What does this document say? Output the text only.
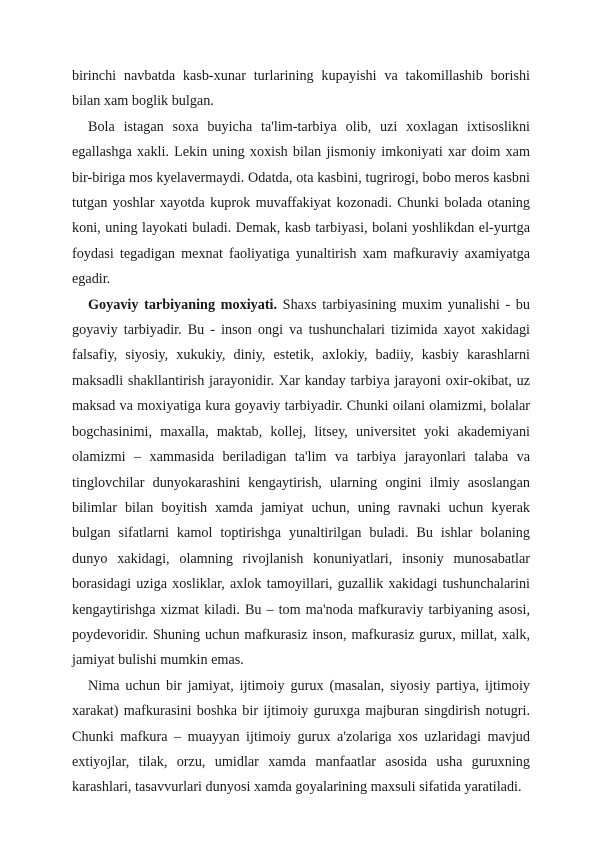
birinchi navbatda kasb-xunar turlarining kupayishi va takomillashib borishi bilan xam boglik bulgan.

Bola istagan soxa buyicha ta'lim-tarbiya olib, uzi xoxlagan ixtisoslikni egallashga xakli. Lekin uning xoxish bilan jismoniy imkoniyati xar doim xam bir-biriga mos kyelavermaydi. Odatda, ota kasbini, tugrirogi, bobo meros kasbni tutgan yoshlar xayotda kuprok muvaffakiyat kozonadi. Chunki bolada otaning koni, uning layokati buladi. Demak, kasb tarbiyasi, bolani yoshlikdan el-yurtga foydasi tegadigan mexnat faoliyatiga yunaltirish xam mafkuraviy axamiyatga egadir.

Goyaviy tarbiyaning moxiyati. Shaxs tarbiyasining muxim yunalishi - bu goyaviy tarbiyadir. Bu - inson ongi va tushunchalari tizimida xayot xakidagi falsafiy, siyosiy, xukukiy, diniy, estetik, axlokiy, badiiy, kasbiy karashlarni maksadli shakllantirish jarayonidir. Xar kanday tarbiya jarayoni oxir-okibat, uz maksad va moxiyatiga kura goyaviy tarbiyadir. Chunki oilani olamizmi, bolalar bogchasinimi, maxalla, maktab, kollej, litsey, universitet yoki akademiyani olamizmi – xammasida beriladigan ta'lim va tarbiya jarayonlari talaba va tinglovchilar dunyokarashini kengaytirish, ularning ongini ilmiy asoslangan bilimlar bilan boyitish xamda jamiyat uchun, uning ravnaki uchun kyerak bulgan sifatlarni kamol toptirishga yunaltirilgan buladi. Bu ishlar bolaning dunyo xakidagi, olamning rivojlanish konuniyatlari, insoniy munosabatlar borasidagi uziga xosliklar, axlok tamoyillari, guzallik xakidagi tushunchalarini kengaytirishga xizmat kiladi. Bu – tom ma'noda mafkuraviy tarbiyaning asosi, poydevoridir. Shuning uchun mafkurasiz inson, mafkurasiz gurux, millat, xalk, jamiyat bulishi mumkin emas.

Nima uchun bir jamiyat, ijtimoiy gurux (masalan, siyosiy partiya, ijtimoiy xarakat) mafkurasini boshka bir ijtimoiy guruxga majburan singdirish notugri. Chunki mafkura – muayyan ijtimoiy gurux a'zolariga xos uzlaridagi mavjud extiyojlar, tilak, orzu, umidlar xamda manfaatlar asosida usha guruxning karashlari, tasavvurlari dunyosi xamda goyalarining maxsuli sifatida yaratiladi.
